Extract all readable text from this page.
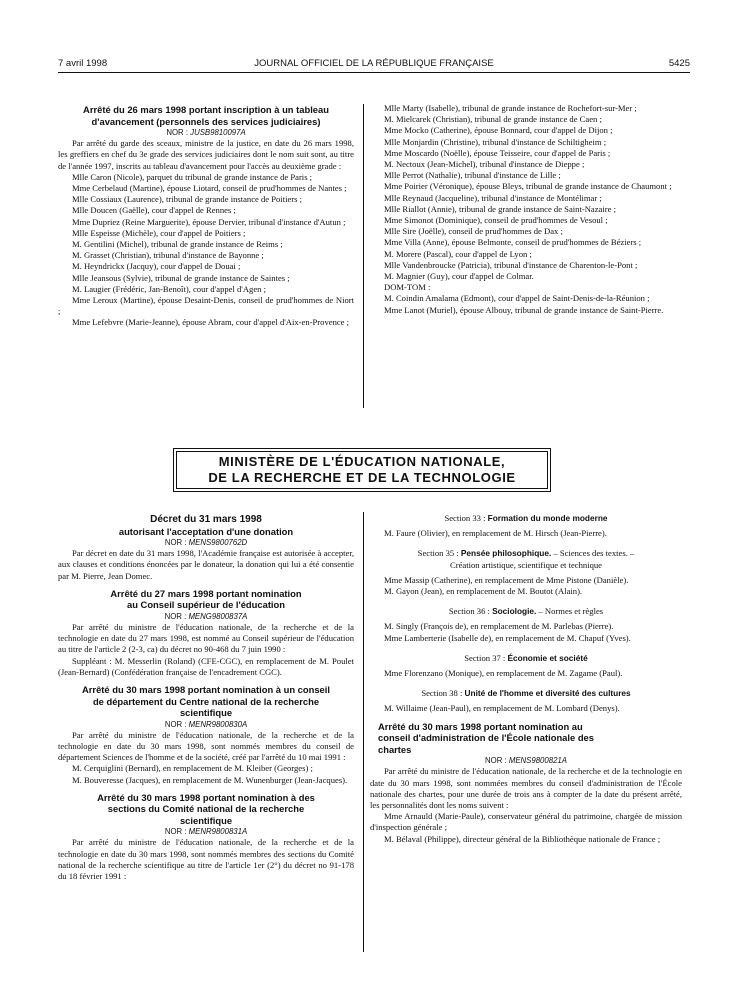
7 avril 1998	JOURNAL OFFICIEL DE LA RÉPUBLIQUE FRANÇAISE	5425

Arrêté du 26 mars 1998 portant inscription à un tableau d'avancement (personnels des services judiciaires)

NOR : JUSB9810097A

Par arrêté du garde des sceaux, ministre de la justice, en date du 26 mars 1998, les greffiers en chef du 3e grade des services judiciaires dont le nom suit sont, au titre de l'année 1997, inscrits au tableau d'avancement pour l'accès au deuxième grade :

Mlle Caron (Nicole), parquet du tribunal de grande instance de Paris ;

Mme Cerbelaud (Martine), épouse Liotard, conseil de prud'hommes de Nantes ;

Mlle Cossiaux (Laurence), tribunal de grande instance de Poitiers ;

Mlle Doucen (Gaëlle), cour d'appel de Rennes ;

Mme Dupriez (Reine Marguerite), épouse Dervier, tribunal d'instance d'Autun ;

Mlle Espeisse (Michèle), cour d'appel de Poitiers ;

M. Gentilini (Michel), tribunal de grande instance de Reims ;

M. Grasset (Christian), tribunal d'instance de Bayonne ;

M. Heyndrickx (Jacquy), cour d'appel de Douai ;

Mlle Jeansous (Sylvie), tribunal de grande instance de Saintes ;

M. Laugier (Frédéric, Jan-Benoît), cour d'appel d'Agen ;

Mme Leroux (Martine), épouse Desaint-Denis, conseil de prud'hommes de Niort ;

Mme Lefebvre (Marie-Jeanne), épouse Abram, cour d'appel d'Aix-en-Provence ;

Mlle Marty (Isabelle), tribunal de grande instance de Rochefort-sur-Mer ;

M. Mielcarek (Christian), tribunal de grande instance de Caen ;

Mme Mocko (Catherine), épouse Bonnard, cour d'appel de Dijon ;

Mlle Monjardin (Christine), tribunal d'instance de Schiltigheim ;

Mme Moscardo (Noëlle), épouse Teisseire, cour d'appel de Paris ;

M. Nectoux (Jean-Michel), tribunal d'instance de Dieppe ;

Mlle Perrot (Nathalie), tribunal d'instance de Lille ;

Mme Poirier (Véronique), épouse Bleys, tribunal de grande instance de Chaumont ;

Mlle Reynaud (Jacqueline), tribunal d'instance de Montélimar ;

Mlle Riallot (Annie), tribunal de grande instance de Saint-Nazaire ;

Mme Simonot (Dominique), conseil de prud'hommes de Vesoul ;

Mlle Sire (Joëlle), conseil de prud'hommes de Dax ;

Mme Villa (Anne), épouse Belmonte, conseil de prud'hommes de Béziers ;

M. Morere (Pascal), cour d'appel de Lyon ;

Mlle Vandenbroucke (Patricia), tribunal d'instance de Charenton-le-Pont ;

M. Magnier (Guy), cour d'appel de Colmar.

DOM-TOM :

M. Coindin Amalama (Edmont), cour d'appel de Saint-Denis-de-la-Réunion ;

Mme Lanot (Muriel), épouse Albouy, tribunal de grande instance de Saint-Pierre.

MINISTÈRE DE L'ÉDUCATION NATIONALE,
DE LA RECHERCHE ET DE LA TECHNOLOGIE

Décret du 31 mars 1998

autorisant l'acceptation d'une donation

NOR : MENS9800762D

Par décret en date du 31 mars 1998, l'Académie française est autorisée à accepter, aux clauses et conditions énoncées par le donateur, la donation qui lui a été consentie par M. Pierre, Jean Domec.

Arrêté du 27 mars 1998 portant nomination

au Conseil supérieur de l'éducation

NOR : MENG9800837A

Par arrêté du ministre de l'éducation nationale, de la recherche et de la technologie en date du 27 mars 1998, est nommé au Conseil supérieur de l'éducation au titre de l'article 2 (2-3, ca) du décret no 90-468 du 7 juin 1990 :

Suppléant : M. Messerlin (Roland) (CFE-CGC), en remplacement de M. Poulet (Jean-Bernard) (Confédération française de l'encadrement CGC).

Arrêté du 30 mars 1998 portant nomination à un conseil

de département du Centre national de la recherche

scientifique

NOR : MENR9800830A

Par arrêté du ministre de l'éducation nationale, de la recherche et de la technologie en date du 30 mars 1998, sont nommés membres du conseil de département Sciences de l'homme et de la société, créé par l'arrêté du 10 mai 1991 :

M. Cerquiglini (Bernard), en remplacement de M. Kleiber (Georges) ;

M. Bouveresse (Jacques), en remplacement de M. Wunenburger (Jean-Jacques).

Arrêté du 30 mars 1998 portant nomination à des

sections du Comité national de la recherche

scientifique

NOR : MENR9800831A

Par arrêté du ministre de l'éducation nationale, de la recherche et de la technologie en date du 30 mars 1998, sont nommés membres des sections du Comité national de la recherche scientifique au titre de l'article 1er (2°) du décret no 91-178 du 18 février 1991 :

Section 33 : Formation du monde moderne

M. Faure (Olivier), en remplacement de M. Hirsch (Jean-Pierre).

Section 35 : Pensée philosophique. – Sciences des textes. –

Création artistique, scientifique et technique

Mme Massip (Catherine), en remplacement de Mme Pistone (Danièle).

M. Gayon (Jean), en remplacement de M. Boutot (Alain).

Section 36 : Sociologie. – Normes et règles

M. Singly (François de), en remplacement de M. Parlebas (Pierre).

Mme Lamberterie (Isabelle de), en remplacement de M. Chapuf (Yves).

Section 37 : Économie et société

Mme Florenzano (Monique), en remplacement de M. Zagame (Paul).

Section 38 : Unité de l'homme et diversité des cultures

M. Willaime (Jean-Paul), en remplacement de M. Lombard (Denys).

Arrêté du 30 mars 1998 portant nomination au

conseil d'administration de l'École nationale des

chartes

NOR : MENS9800821A

Par arrêté du ministre de l'éducation nationale, de la recherche et de la technologie en date du 30 mars 1998, sont nommées membres du conseil d'administration de l'École nationale des chartes, pour une durée de trois ans à compter de la date du présent arrêté, les personnalités dont les noms suivent :

Mme Arnauld (Marie-Paule), conservateur général du patrimoine, chargée de mission d'inspection générale ;

M. Bélaval (Philippe), directeur général de la Bibliothèque nationale de France ;
